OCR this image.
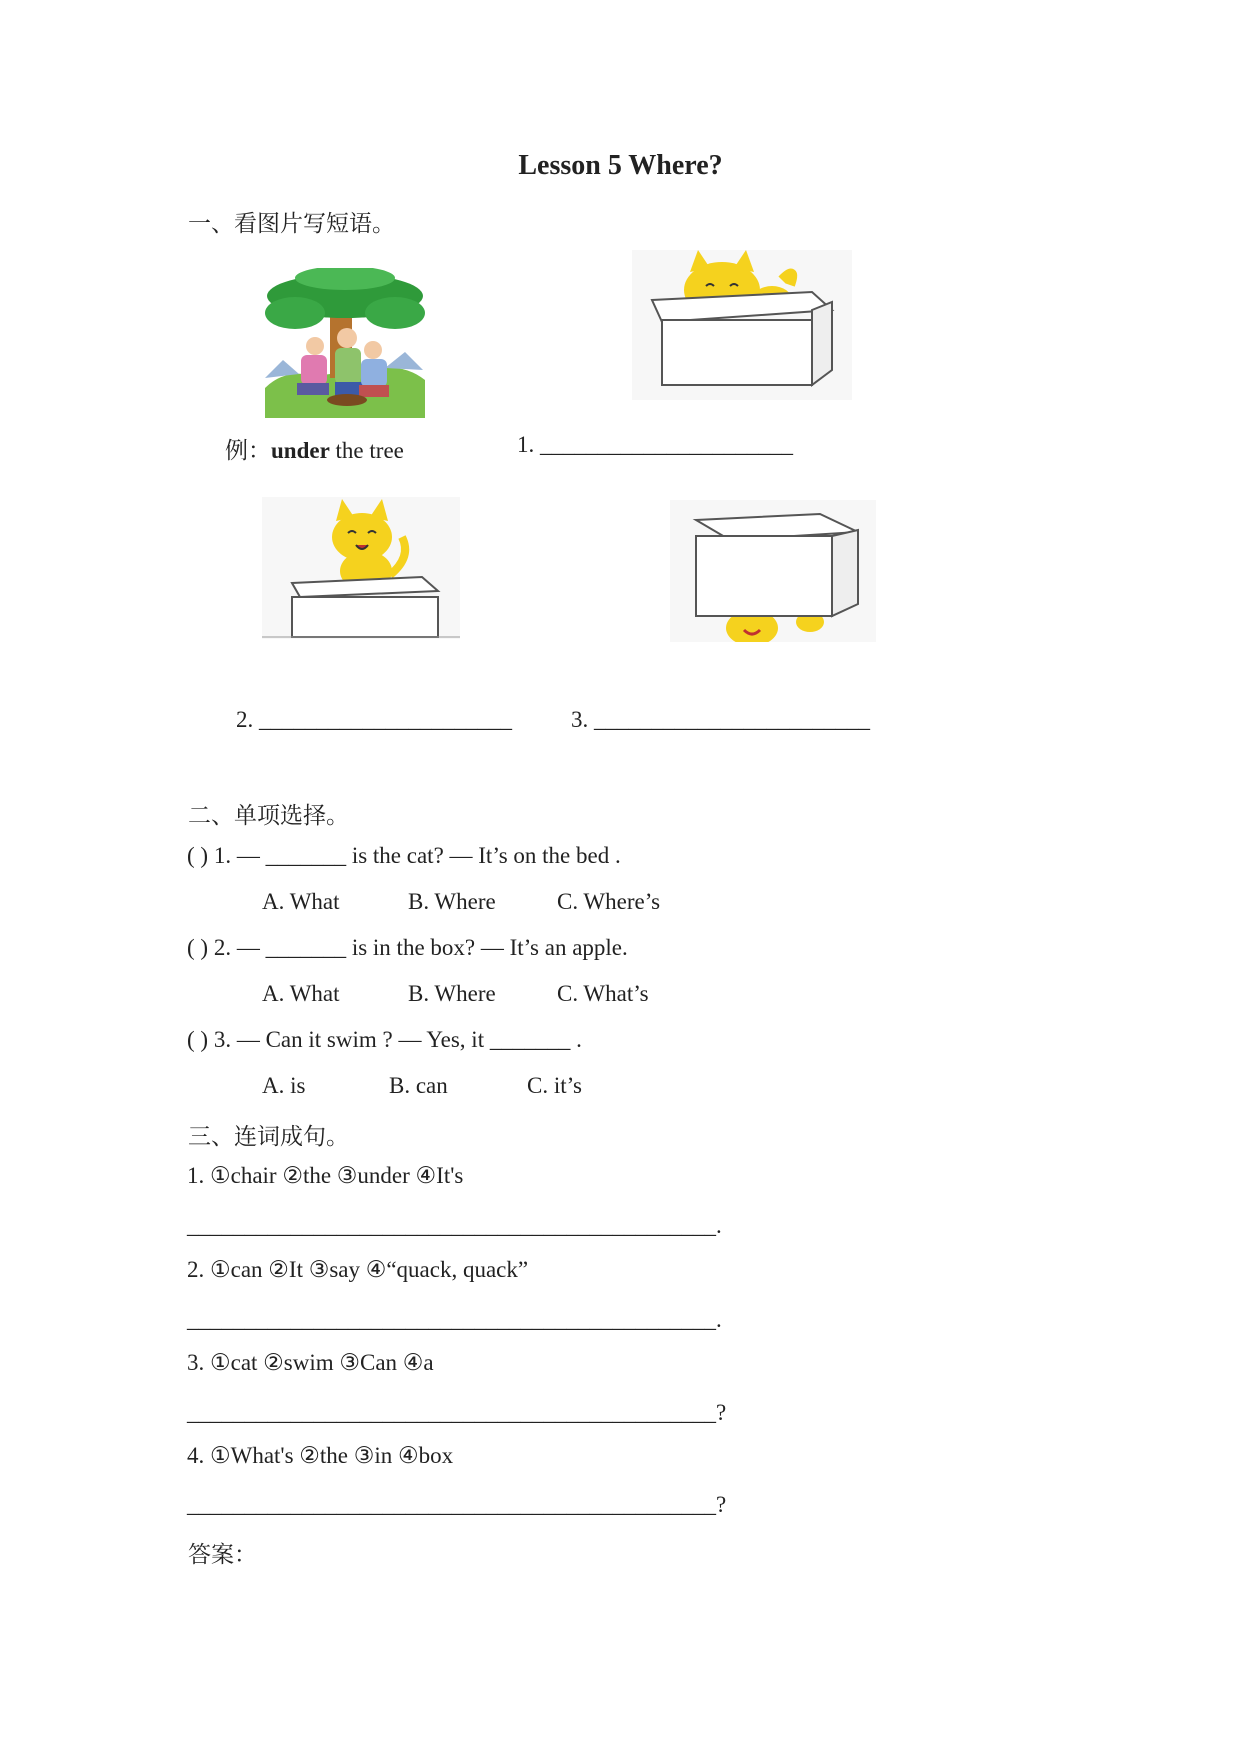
Lesson 5 Where?
一、看图片写短语。
例：under the tree	1. ______________________
2. ______________________	3. ________________________
二、单项选择。
( ) 1. — _______ is the cat? — It’s on the bed .
A. What	B. Where	C. Where’s
( ) 2. — _______ is in the box? — It’s an apple.
A. What	B. Where	C. What’s
( ) 3. — Can it swim ? — Yes, it _______ .
A. is	B. can	C. it’s
三、连词成句。
1. ①chair ②the ③under ④It's
______________________________________________.
2. ①can ②It ③say ④“quack, quack”
______________________________________________.
3. ①cat ②swim ③Can ④a
______________________________________________?
4. ①What's ②the ③in ④box
______________________________________________?
答案：
